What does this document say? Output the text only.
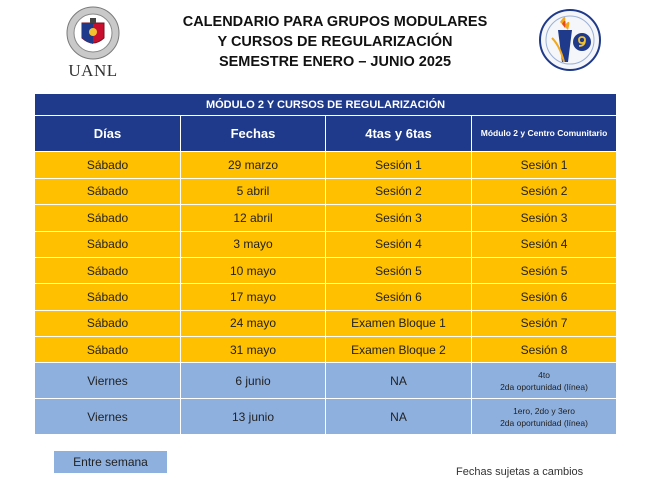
UANL
CALENDARIO PARA GRUPOS MODULARES
Y CURSOS DE REGULARIZACIÓN
SEMESTRE ENERO – JUNIO 2025
MÓDULO 2 Y CURSOS DE REGULARIZACIÓN			
Días	Fechas	4tas y 6tas	Módulo 2 y Centro Comunitario
Sábado	29 marzo	Sesión 1	Sesión 1
Sábado	5 abril	Sesión 2	Sesión 2
Sábado	12 abril	Sesión 3	Sesión 3
Sábado	3 mayo	Sesión 4	Sesión 4
Sábado	10 mayo	Sesión 5	Sesión 5
Sábado	17 mayo	Sesión 6	Sesión 6
Sábado	24 mayo	Examen Bloque 1	Sesión 7
Sábado	31 mayo	Examen Bloque 2	Sesión 8
Viernes	6 junio	NA	4to
2da oportunidad (línea)

Viernes	13 junio	NA	1ero, 2do y 3ero
2da oportunidad (línea)
Entre semana
Fechas sujetas a cambios
